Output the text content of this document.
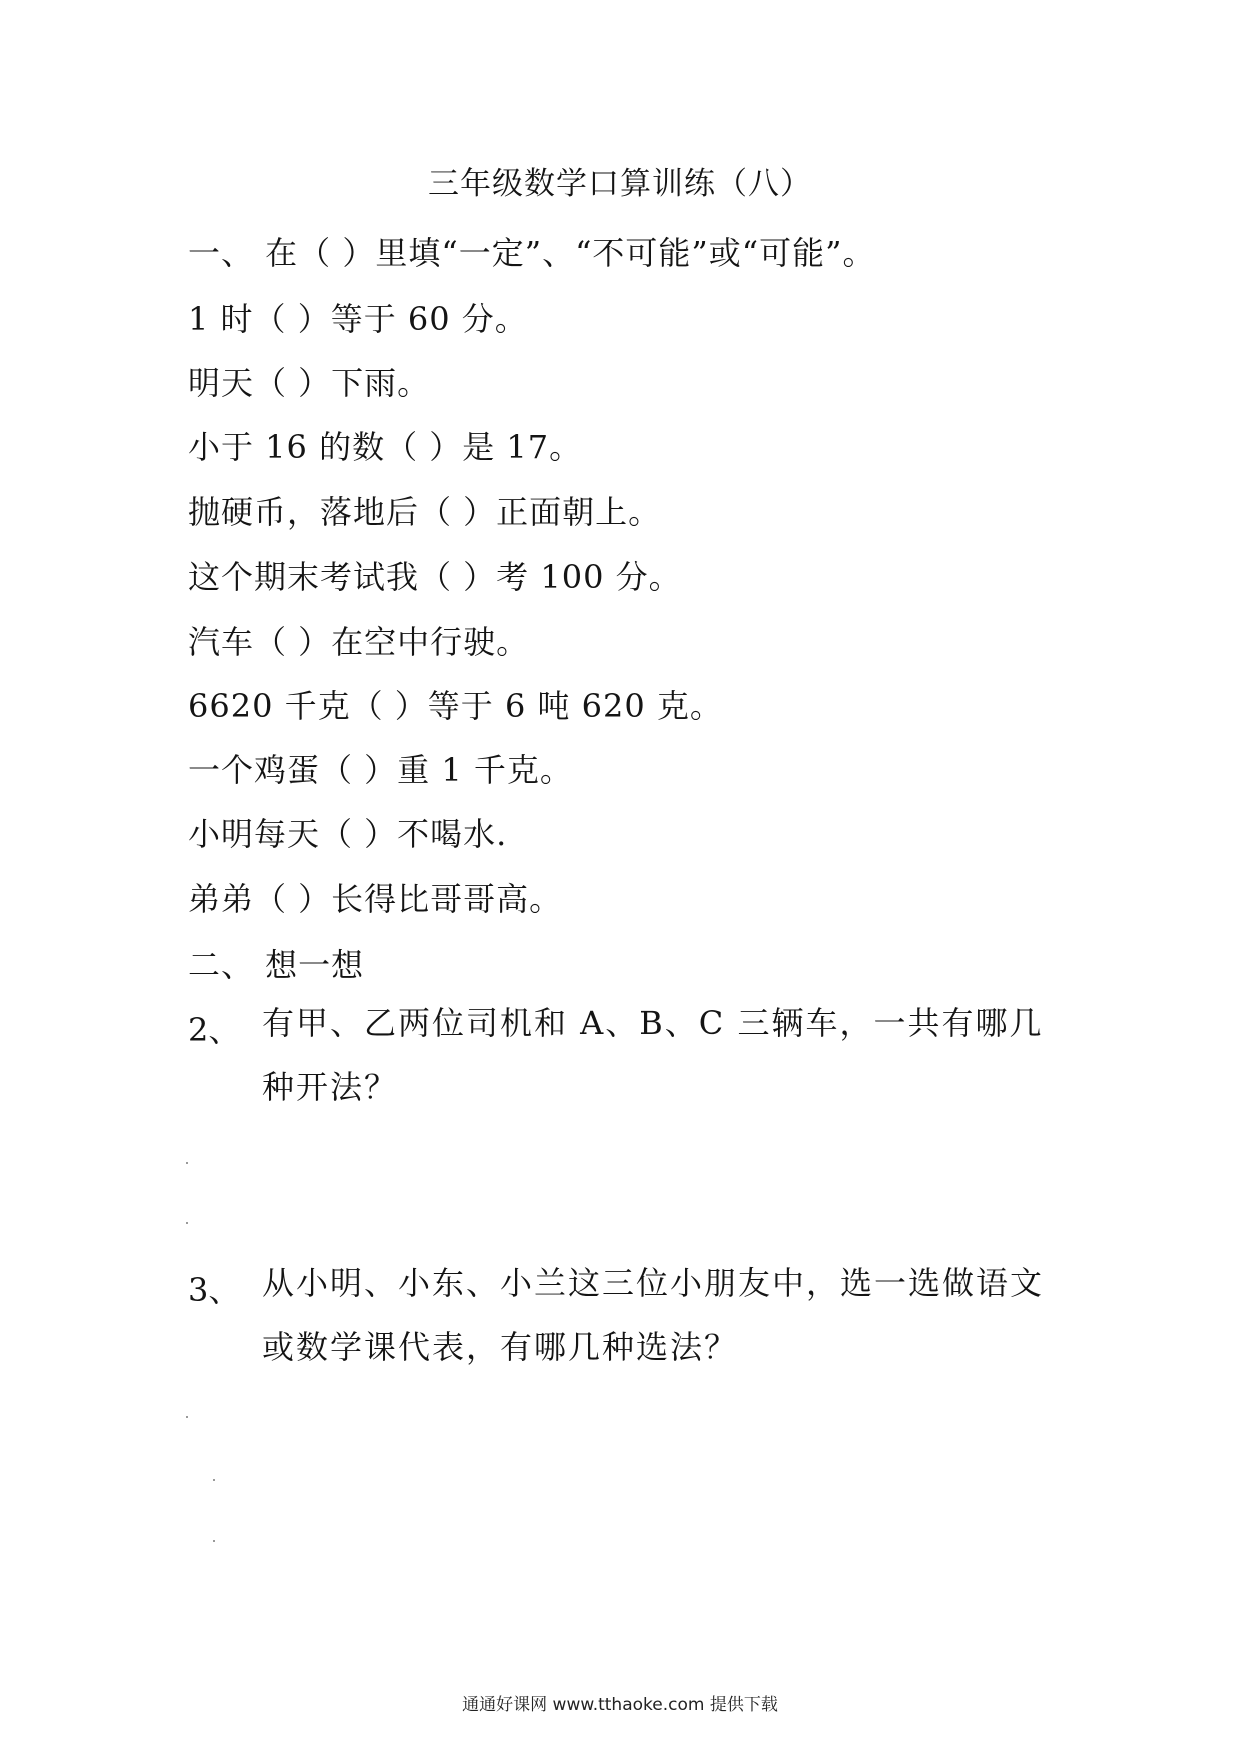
三年级数学口算训练（八）
一、 在（ ）里填“一定”、“不可能”或“可能”。
1 时（ ）等于 60 分。
明天（ ）下雨。
小于 16 的数（ ）是 17。
抛硬币，落地后（ ）正面朝上。
这个期末考试我（ ）考 100 分。
汽车（ ）在空中行驶。
6620 千克（ ）等于 6 吨 620 克。
一个鸡蛋（ ）重 1 千克。
小明每天（ ）不喝水.
弟弟（ ）长得比哥哥高。
二、 想一想
2、 有甲、乙两位司机和 A、B、C 三辆车，一共有哪几种开法？
3、 从小明、小东、小兰这三位小朋友中，选一选做语文或数学课代表，有哪几种选法？
通通好课网 www.tthaoke.com 提供下载
